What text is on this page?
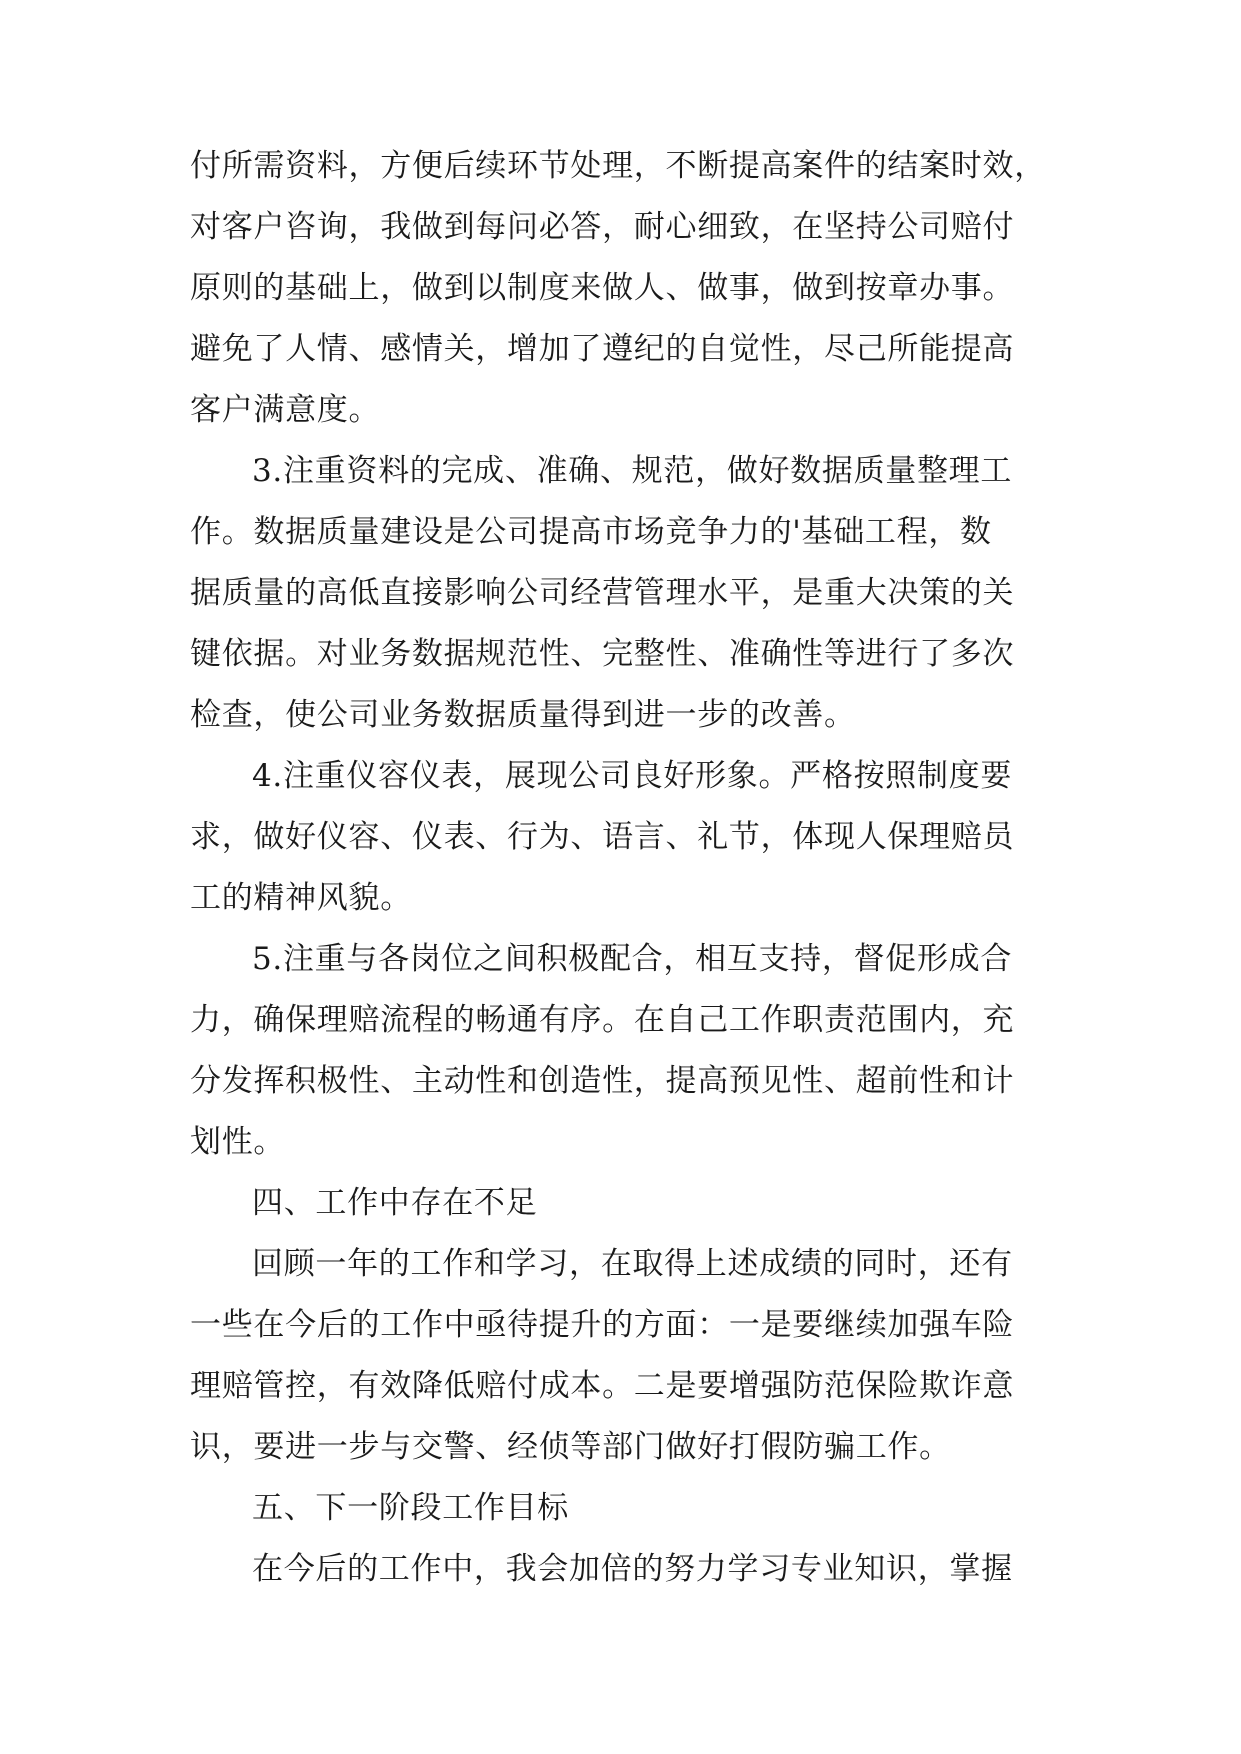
付所需资料，方便后续环节处理，不断提高案件的结案时效，
对客户咨询，我做到每问必答，耐心细致，在坚持公司赔付
原则的基础上，做到以制度来做人、做事，做到按章办事。
避免了人情、感情关，增加了遵纪的自觉性，尽己所能提高
客户满意度。
3.注重资料的完成、准确、规范，做好数据质量整理工
作。数据质量建设是公司提高市场竞争力的'基础工程，数
据质量的高低直接影响公司经营管理水平，是重大决策的关
键依据。对业务数据规范性、完整性、准确性等进行了多次
检查，使公司业务数据质量得到进一步的改善。
4.注重仪容仪表，展现公司良好形象。严格按照制度要
求，做好仪容、仪表、行为、语言、礼节，体现人保理赔员
工的精神风貌。
5.注重与各岗位之间积极配合，相互支持，督促形成合
力，确保理赔流程的畅通有序。在自己工作职责范围内，充
分发挥积极性、主动性和创造性，提高预见性、超前性和计
划性。
四、工作中存在不足
回顾一年的工作和学习，在取得上述成绩的同时，还有
一些在今后的工作中亟待提升的方面：一是要继续加强车险
理赔管控，有效降低赔付成本。二是要增强防范保险欺诈意
识，要进一步与交警、经侦等部门做好打假防骗工作。
五、下一阶段工作目标
在今后的工作中，我会加倍的努力学习专业知识，掌握
